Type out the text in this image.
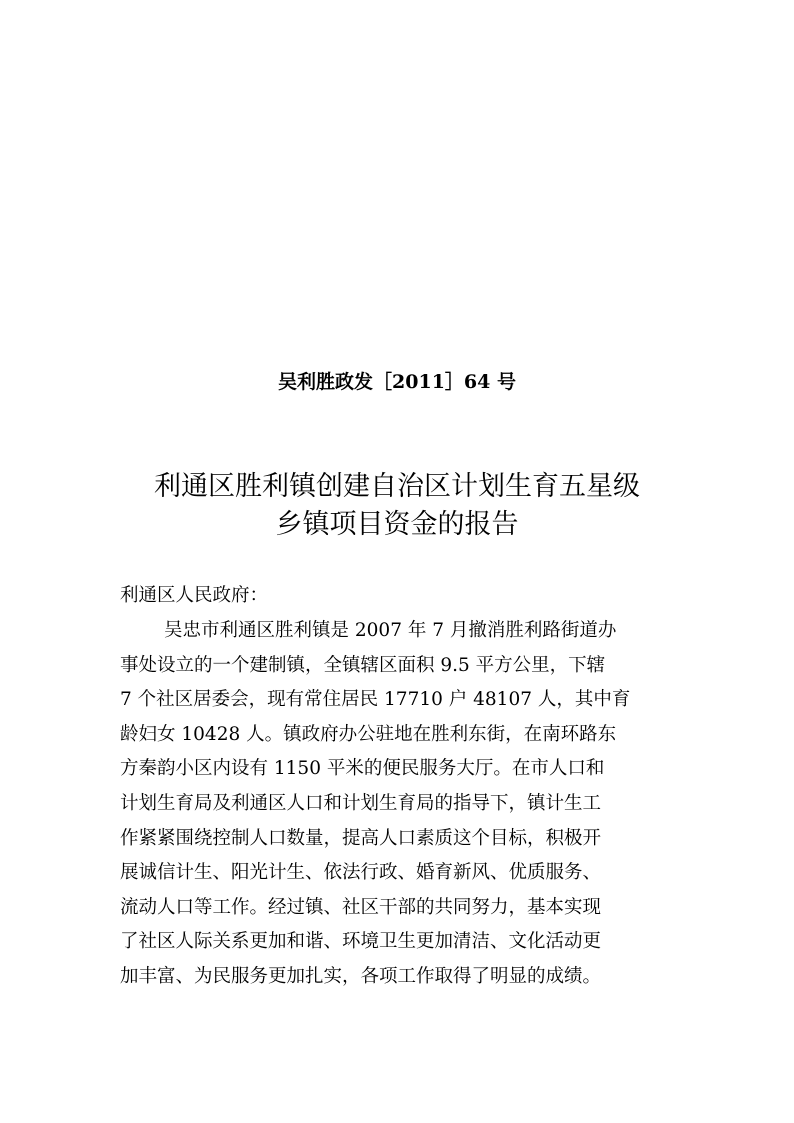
吴利胜政发［2011］64 号
利通区胜利镇创建自治区计划生育五星级
乡镇项目资金的报告
利通区人民政府：
吴忠市利通区胜利镇是 2007 年 7 月撤消胜利路街道办
事处设立的一个建制镇，全镇辖区面积 9.5 平方公里，下辖
7 个社区居委会，现有常住居民 17710 户 48107 人，其中育
龄妇女 10428 人。镇政府办公驻地在胜利东街，在南环路东
方秦韵小区内设有 1150 平米的便民服务大厅。在市人口和
计划生育局及利通区人口和计划生育局的指导下，镇计生工
作紧紧围绕控制人口数量，提高人口素质这个目标，积极开
展诚信计生、阳光计生、依法行政、婚育新风、优质服务、
流动人口等工作。经过镇、社区干部的共同努力，基本实现
了社区人际关系更加和谐、环境卫生更加清洁、文化活动更
加丰富、为民服务更加扎实，各项工作取得了明显的成绩。
